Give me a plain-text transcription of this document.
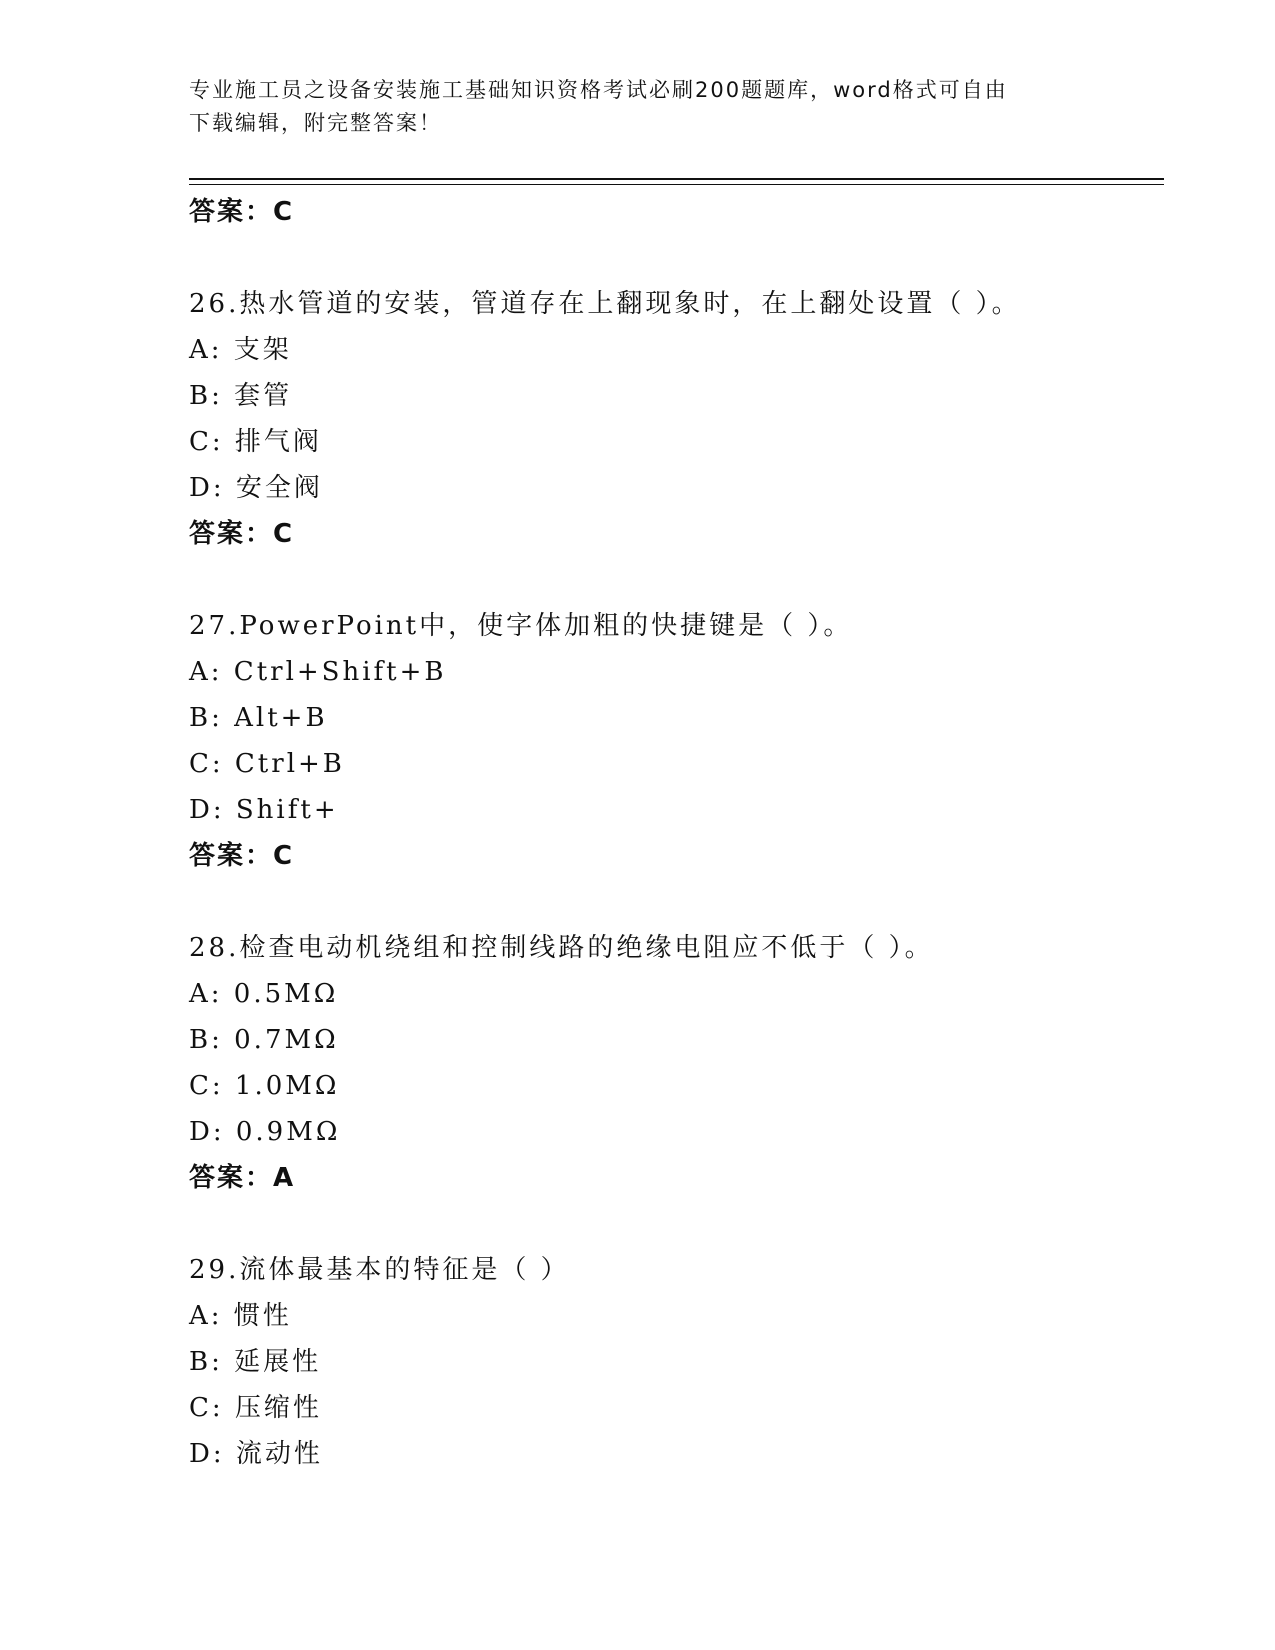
专业施工员之设备安装施工基础知识资格考试必刷200题题库，word格式可自由
下载编辑，附完整答案！
答案：C
26.热水管道的安装，管道存在上翻现象时，在上翻处设置（ ）。
A: 支架
B: 套管
C: 排气阀
D: 安全阀
答案：C
27.PowerPoint中，使字体加粗的快捷键是（ ）。
A: Ctrl+Shift+B
B: Alt+B
C: Ctrl+B
D: Shift+
答案：C
28.检查电动机绕组和控制线路的绝缘电阻应不低于（ ）。
A: 0.5MΩ
B: 0.7MΩ
C: 1.0MΩ
D: 0.9MΩ
答案：A
29.流体最基本的特征是（ ）
A: 惯性
B: 延展性
C: 压缩性
D: 流动性
